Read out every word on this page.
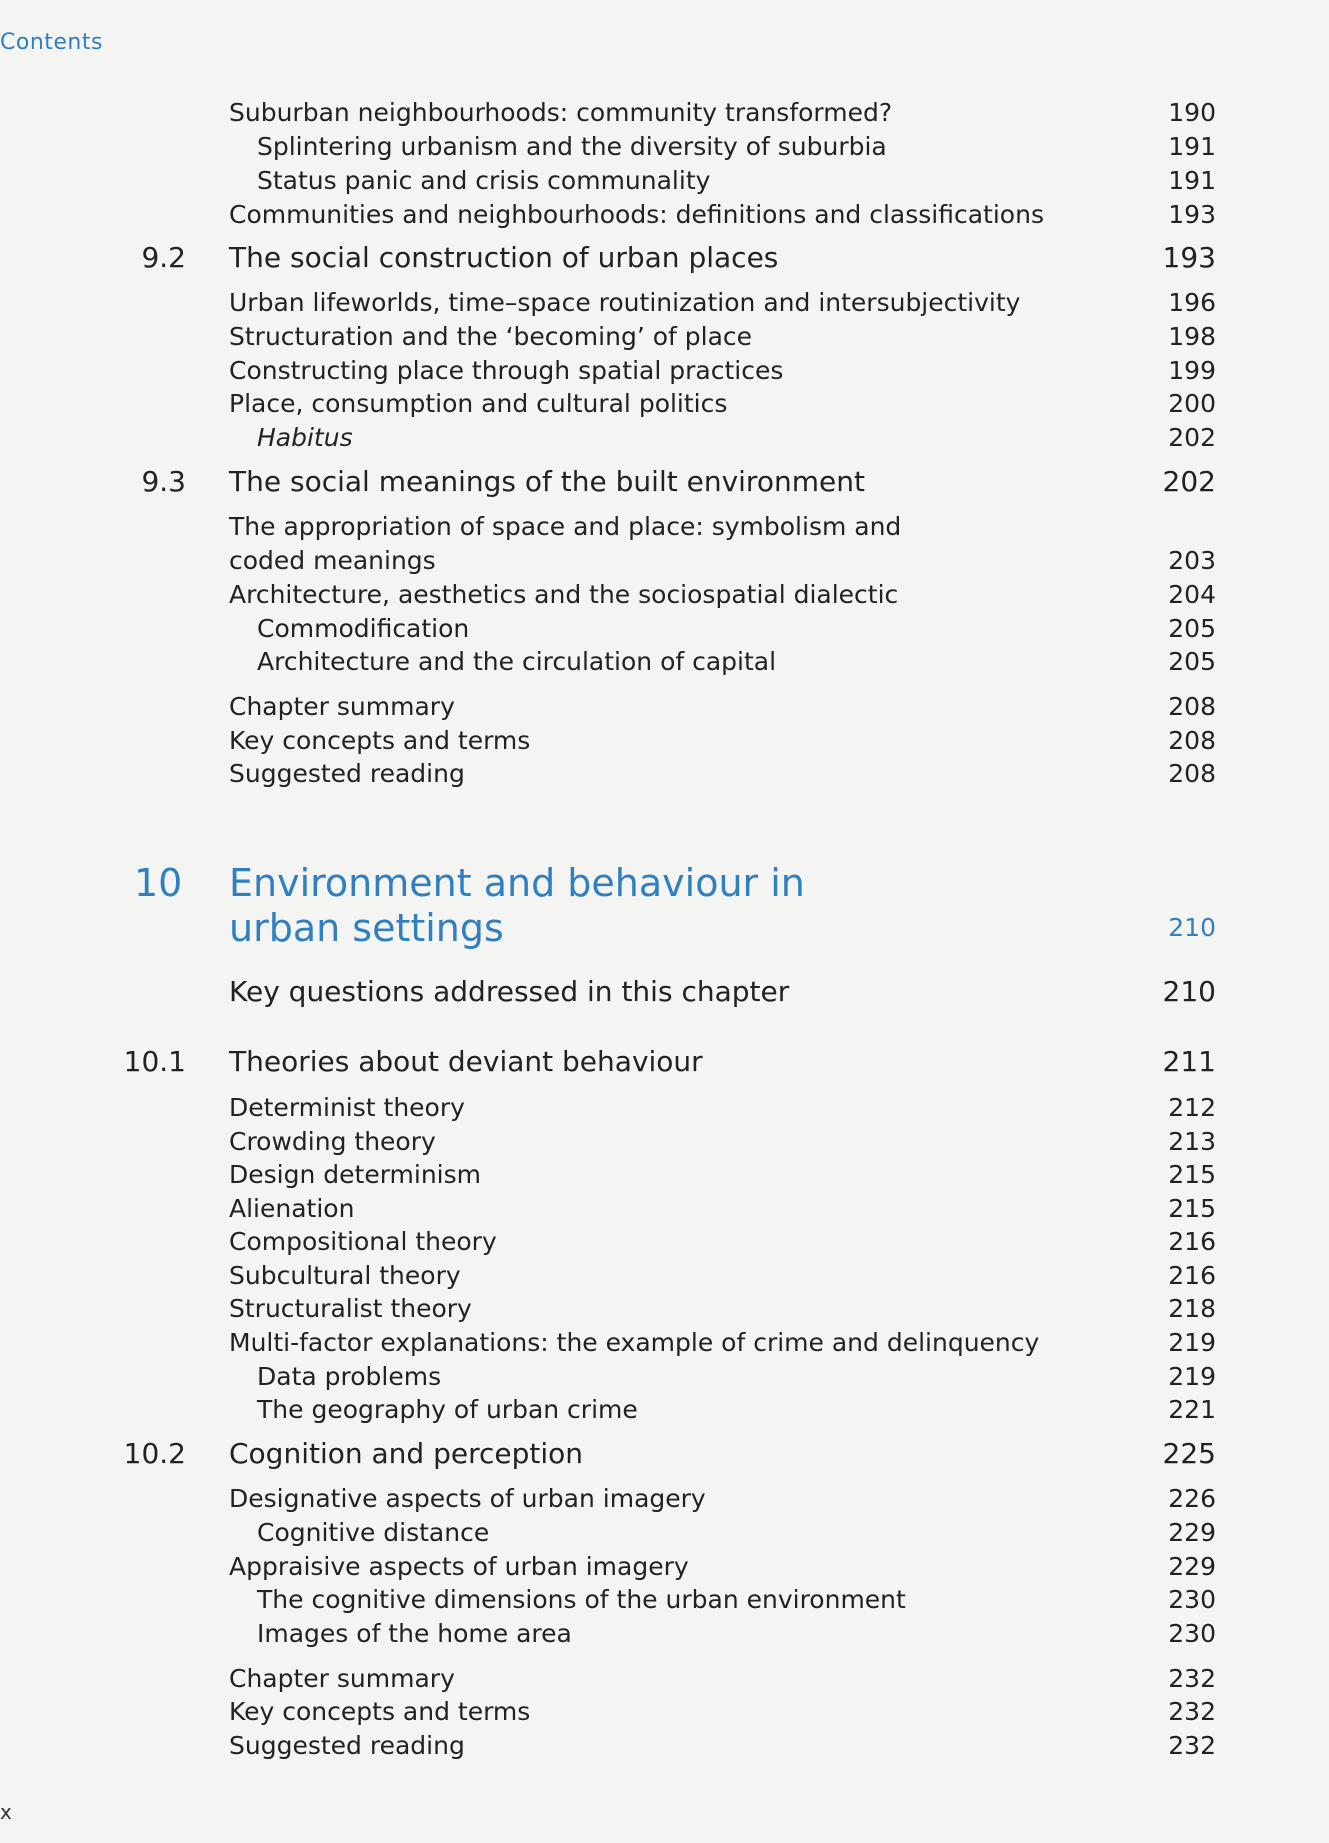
Contents
Suburban neighbourhoods: community transformed?	190
Splintering urbanism and the diversity of suburbia	191
Status panic and crisis communality	191
Communities and neighbourhoods: definitions and classifications	193
9.2 The social construction of urban places	193
Urban lifeworlds, time–space routinization and intersubjectivity	196
Structuration and the ‘becoming’ of place	198
Constructing place through spatial practices	199
Place, consumption and cultural politics	200
Habitus	202
9.3 The social meanings of the built environment	202
The appropriation of space and place: symbolism and
coded meanings	203
Architecture, aesthetics and the sociospatial dialectic	204
Commodification	205
Architecture and the circulation of capital	205
Chapter summary	208
Key concepts and terms	208
Suggested reading	208
10 Environment and behaviour in
urban settings	210
Key questions addressed in this chapter	210
10.1 Theories about deviant behaviour	211
Determinist theory	212
Crowding theory	213
Design determinism	215
Alienation	215
Compositional theory	216
Subcultural theory	216
Structuralist theory	218
Multi-factor explanations: the example of crime and delinquency	219
Data problems	219
The geography of urban crime	221
10.2 Cognition and perception	225
Designative aspects of urban imagery	226
Cognitive distance	229
Appraisive aspects of urban imagery	229
The cognitive dimensions of the urban environment	230
Images of the home area	230
Chapter summary	232
Key concepts and terms	232
Suggested reading	232
x
